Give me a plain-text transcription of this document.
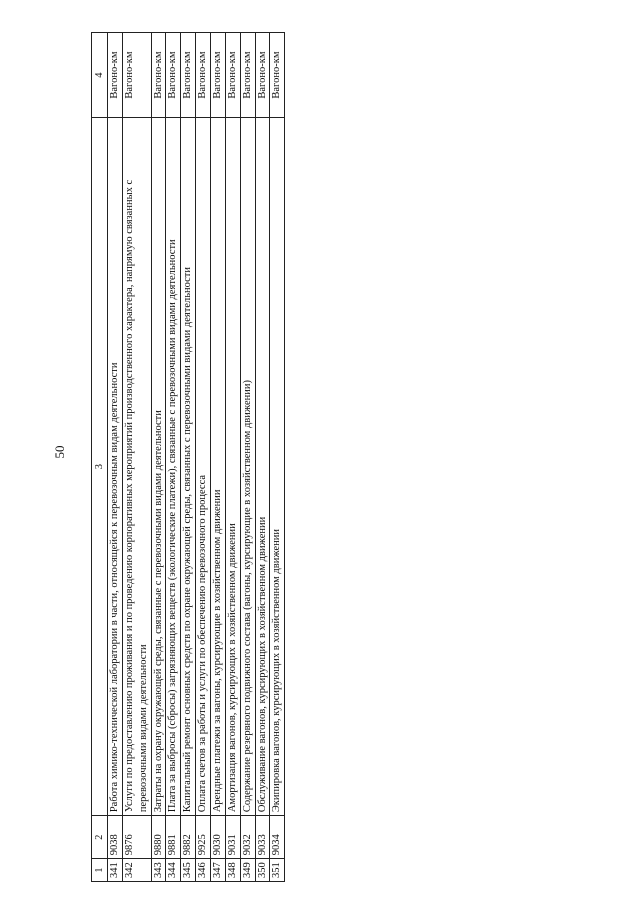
50
1	2	3	4
341	9038	Работа химико-технической лаборатории в части, относящейся к перевозочным видам деятельности	Вагоно-км
342	9876	Услуги по предоставлению проживания и по проведению корпоративных мероприятий производственного характера, напрямую связанных с перевозочными видами деятельности	Вагоно-км
343	9880	Затраты на охрану окружающей среды, связанные с перевозочными видами деятельности	Вагоно-км
344	9881	Плата за выбросы (сбросы) загрязняющих веществ (экологические платежи), связанные с перевозочными видами деятельности	Вагоно-км
345	9882	Капитальный ремонт основных средств по охране окружающей среды, связанных с перевозочными видами деятельности	Вагоно-км
346	9925	Оплата счетов за работы и услуги по обеспечению перевозочного процесса	Вагоно-км
347	9030	Арендные платежи за вагоны, курсирующие в хозяйственном движении	Вагоно-км
348	9031	Амортизация вагонов, курсирующих в хозяйственном движении	Вагоно-км
349	9032	Содержание резервного подвижного состава (вагоны, курсирующие в хозяйственном движении)	Вагоно-км
350	9033	Обслуживание вагонов, курсирующих в хозяйственном движении	Вагоно-км
351	9034	Экипировка вагонов, курсирующих в хозяйственном движении	Вагоно-км
